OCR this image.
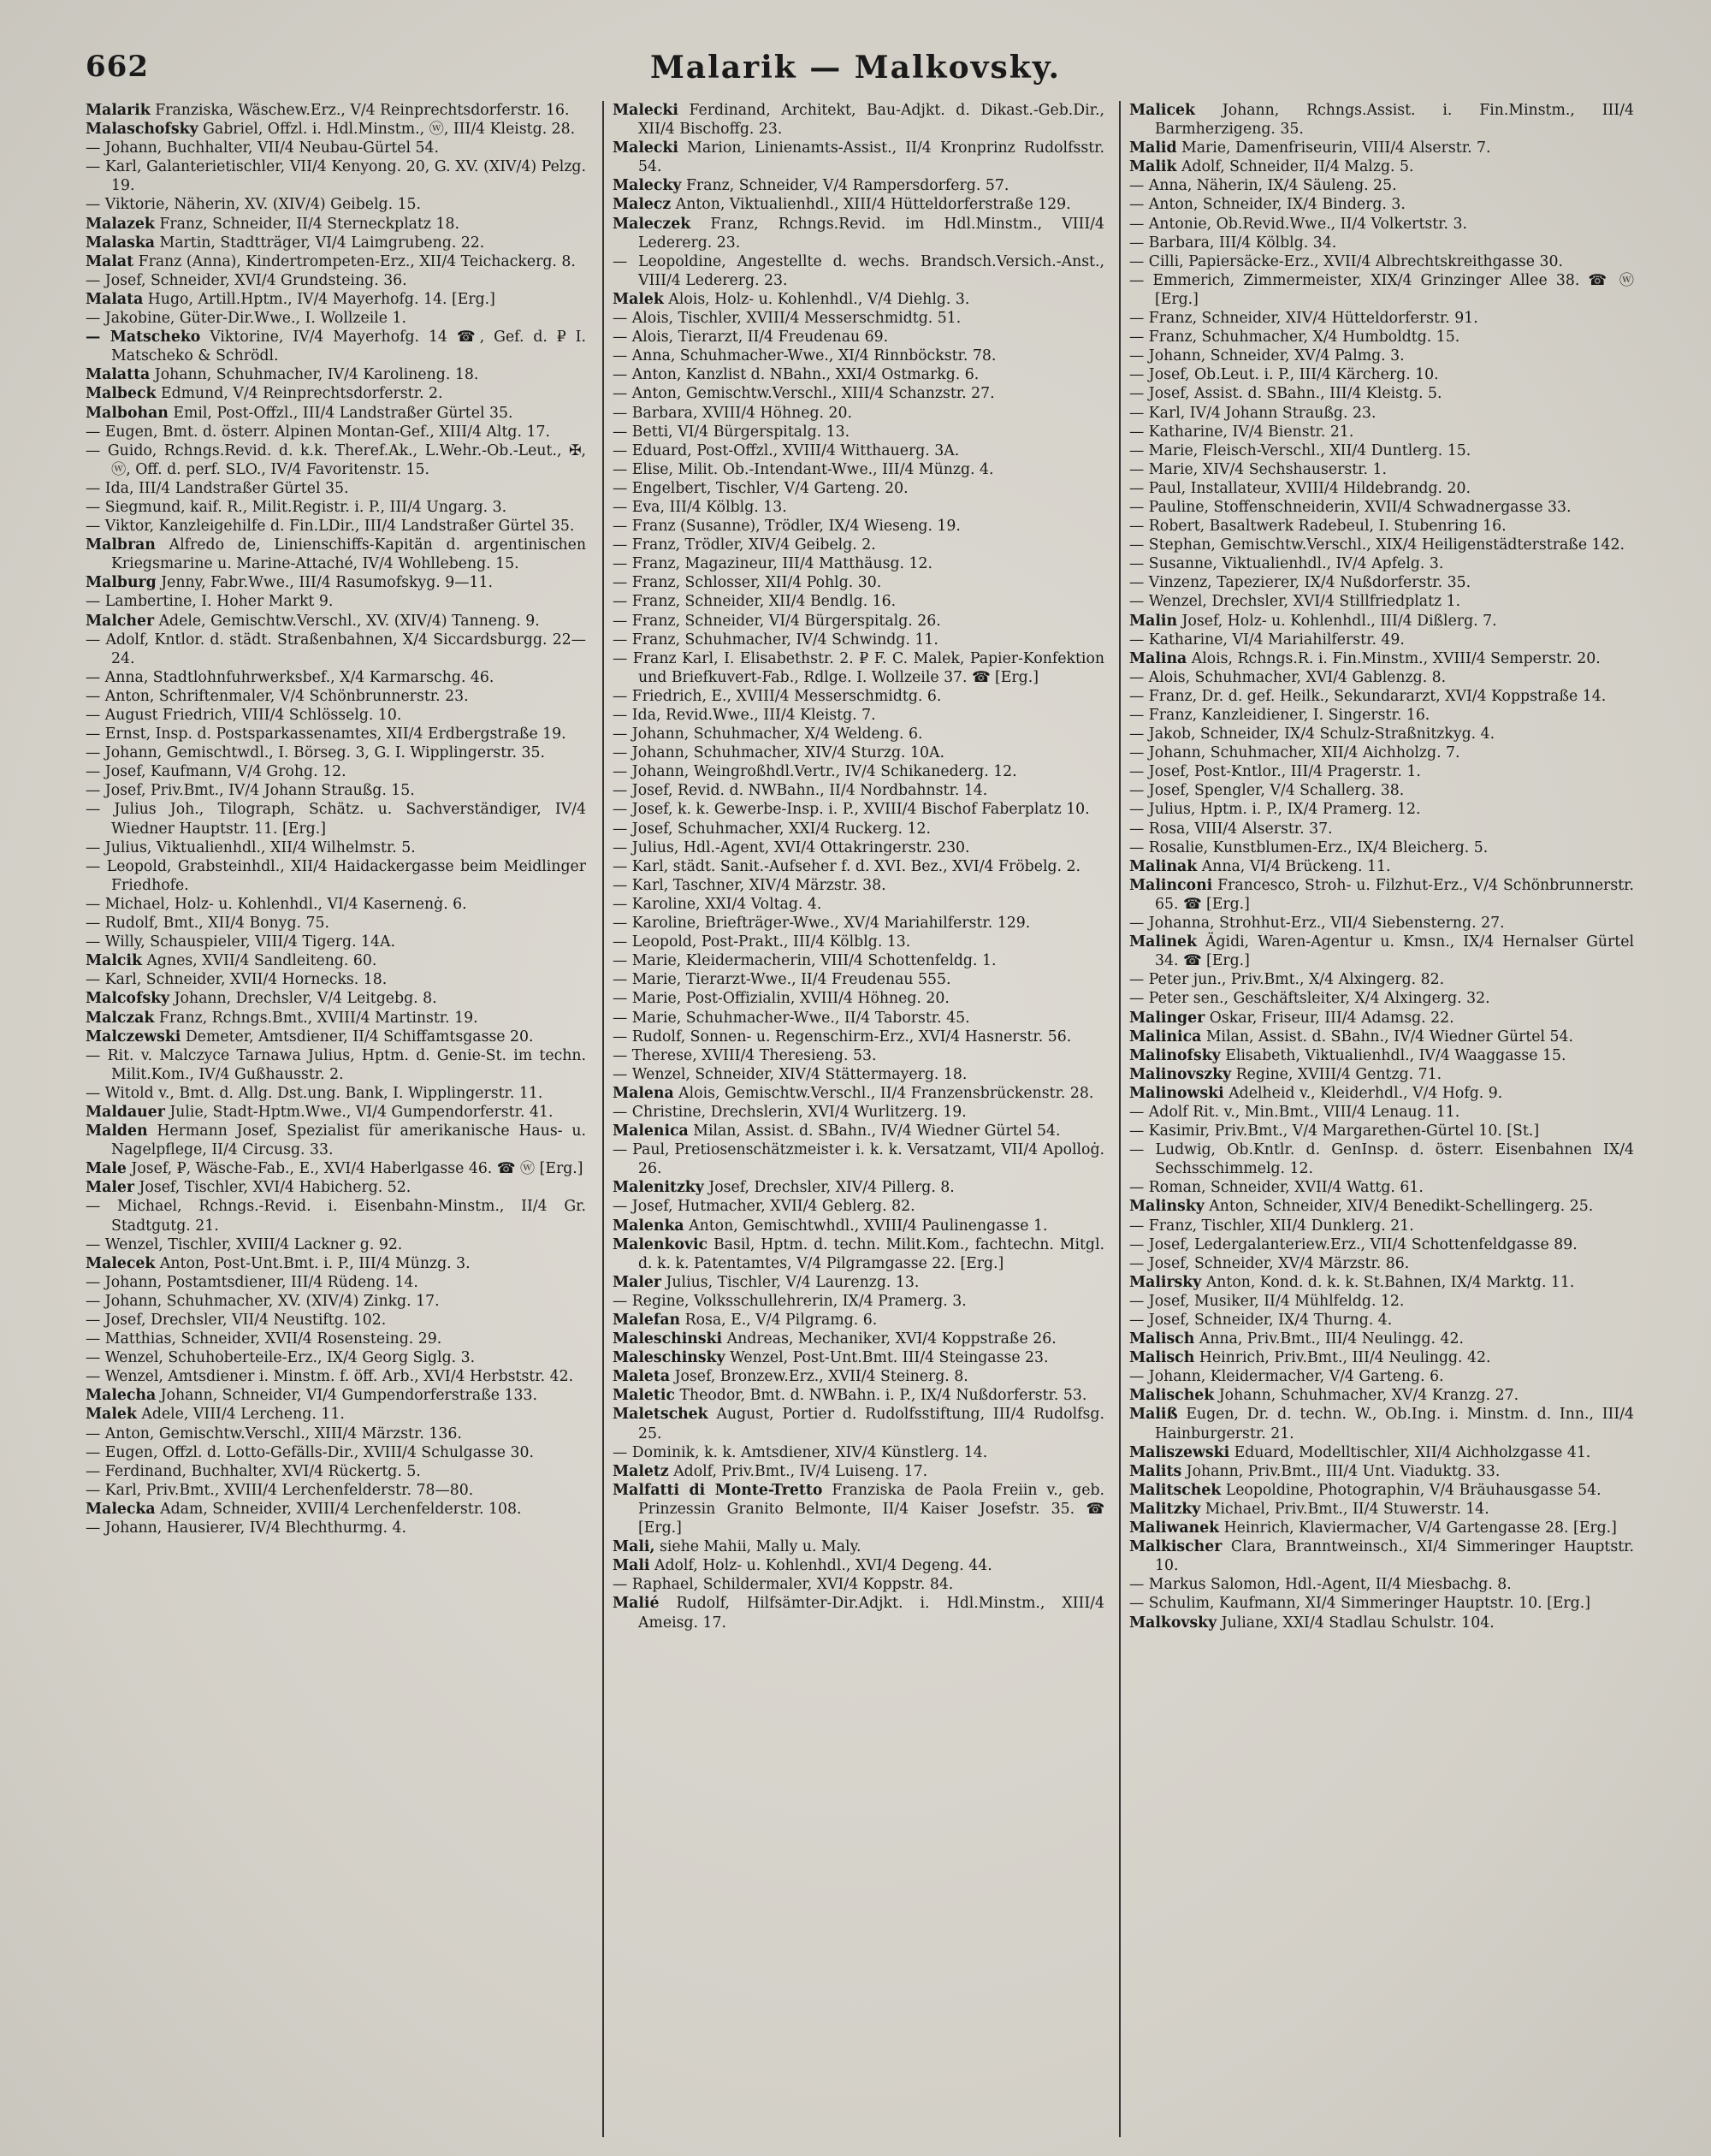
662	Malarik — Malkovsky.
Malarik Franziska, Wäschew.Erz., V/4 Reinprechtsdorferstr. 16.
Malaschofsky Gabriel, Offzl. i. Hdl.Minstm., ⓦ, III/4 Kleistg. 28.
— Johann, Buchhalter, VII/4 Neubau-Gürtel 54.
— Karl, Galanterietischler, VII/4 Kenyong. 20, G. XV. (XIV/4) Pelzg. 19.
— Viktorie, Näherin, XV. (XIV/4) Geibelg. 15.
Malazek Franz, Schneider, II/4 Sterneckplatz 18.
Malaska Martin, Stadtträger, VI/4 Laimgrubeng. 22.
Malat Franz (Anna), Kindertrompeten-Erz., XII/4 Teichackerg. 8.
— Josef, Schneider, XVI/4 Grundsteing. 36.
Malata Hugo, Artill.Hptm., IV/4 Mayerhofg. 14. [Erg.]
— Jakobine, Güter-Dir.Wwe., I. Wollzeile 1.
— Matscheko Viktorine, IV/4 Mayerhofg. 14 ☎, Gef. d. ₽ I. Matscheko & Schrödl.
Malatta Johann, Schuhmacher, IV/4 Karolineng. 18.
Malbeck Edmund, V/4 Reinprechtsdorferstr. 2.
Malbohan Emil, Post-Offzl., III/4 Landstraßer Gürtel 35.
— Eugen, Bmt. d. österr. Alpinen Montan-Gef., XIII/4 Altg. 17.
— Guido, Rchngs.Revid. d. k.k. Theref.Ak., L.Wehr.-Ob.-Leut., ✠, ⓦ, Off. d. perf. SLO., IV/4 Favoritenstr. 15.
— Ida, III/4 Landstraßer Gürtel 35.
— Siegmund, kaif. R., Milit.Registr. i. P., III/4 Ungarg. 3.
— Viktor, Kanzleigehilfe d. Fin.LDir., III/4 Landstraßer Gürtel 35.
Malbran Alfredo de, Linienschiffs-Kapitän d. argentinischen Kriegsmarine u. Marine-Attaché, IV/4 Wohllebeng. 15.
Malburg Jenny, Fabr.Wwe., III/4 Rasumofskyg. 9—11.
— Lambertine, I. Hoher Markt 9.
Malcher Adele, Gemischtw.Verschl., XV. (XIV/4) Tanneng. 9.
— Adolf, Kntlor. d. städt. Straßenbahnen, X/4 Siccardsburgg. 22—24.
— Anna, Stadtlohnfuhrwerksbef., X/4 Karmarschg. 46.
— Anton, Schriftenmaler, V/4 Schönbrunnerstr. 23.
— August Friedrich, VIII/4 Schlösselg. 10.
— Ernst, Insp. d. Postsparkassenamtes, XII/4 Erdbergstraße 19.
— Johann, Gemischtwdl., I. Börseg. 3, G. I. Wipplingerstr. 35.
— Josef, Kaufmann, V/4 Grohg. 12.
— Josef, Priv.Bmt., IV/4 Johann Straußg. 15.
— Julius Joh., Tilograph, Schätz. u. Sachverständiger, IV/4 Wiedner Hauptstr. 11. [Erg.]
— Julius, Viktualienhdl., XII/4 Wilhelmstr. 5.
— Leopold, Grabsteinhdl., XII/4 Haidackergasse beim Meidlinger Friedhofe.
— Michael, Holz- u. Kohlenhdl., VI/4 Kasernenġ. 6.
— Rudolf, Bmt., XII/4 Bonyg. 75.
— Willy, Schauspieler, VIII/4 Tigerg. 14A.
Malcik Agnes, XVII/4 Sandleiteng. 60.
— Karl, Schneider, XVII/4 Hornecks. 18.
Malcofsky Johann, Drechsler, V/4 Leitgebg. 8.
Malczak Franz, Rchngs.Bmt., XVIII/4 Martinstr. 19.
Malczewski Demeter, Amtsdiener, II/4 Schiffamtsgasse 20.
— Rit. v. Malczyce Tarnawa Julius, Hptm. d. Genie-St. im techn. Milit.Kom., IV/4 Gußhausstr. 2.
— Witold v., Bmt. d. Allg. Dst.ung. Bank, I. Wipplingerstr. 11.
Maldauer Julie, Stadt-Hptm.Wwe., VI/4 Gumpendorferstr. 41.
Malden Hermann Josef, Spezialist für amerikanische Haus- u. Nagelpflege, II/4 Circusg. 33.
Male Josef, ₽, Wäsche-Fab., E., XVI/4 Haberlgasse 46. ☎ ⓦ [Erg.]
Maler Josef, Tischler, XVI/4 Habicherg. 52.
— Michael, Rchngs.-Revid. i. Eisenbahn-Minstm., II/4 Gr. Stadtgutg. 21.
— Wenzel, Tischler, XVIII/4 Lackner g. 92.
Malecek Anton, Post-Unt.Bmt. i. P., III/4 Münzg. 3.
— Johann, Postamtsdiener, III/4 Rüdeng. 14.
— Johann, Schuhmacher, XV. (XIV/4) Zinkg. 17.
— Josef, Drechsler, VII/4 Neustiftg. 102.
— Matthias, Schneider, XVII/4 Rosensteing. 29.
— Wenzel, Schuhoberteile-Erz., IX/4 Georg Siglg. 3.
— Wenzel, Amtsdiener i. Minstm. f. öff. Arb., XVI/4 Herbststr. 42.
Malecha Johann, Schneider, VI/4 Gumpendorferstraße 133.
Malek Adele, VIII/4 Lercheng. 11.
— Anton, Gemischtw.Verschl., XIII/4 Märzstr. 136.
— Eugen, Offzl. d. Lotto-Gefälls-Dir., XVIII/4 Schulgasse 30.
— Ferdinand, Buchhalter, XVI/4 Rückertg. 5.
— Karl, Priv.Bmt., XVIII/4 Lerchenfelderstr. 78—80.
Malecka Adam, Schneider, XVIII/4 Lerchenfelderstr. 108.
— Johann, Hausierer, IV/4 Blechthurmg. 4.
Malecki Ferdinand, Architekt, Bau-Adjkt. d. Dikast.-Geb.Dir., XII/4 Bischoffg. 23.
Malecki Marion, Linienamts-Assist., II/4 Kronprinz Rudolfsstr. 54.
Malecky Franz, Schneider, V/4 Rampersdorferg. 57.
Malecz Anton, Viktualienhdl., XIII/4 Hütteldorferstraße 129.
Maleczek Franz, Rchngs.Revid. im Hdl.Minstm., VIII/4 Ledererg. 23.
— Leopoldine, Angestellte d. wechs. Brandsch.Versich.-Anst., VIII/4 Ledererg. 23.
Malek Alois, Holz- u. Kohlenhdl., V/4 Diehlg. 3.
— Alois, Tischler, XVIII/4 Messerschmidtg. 51.
— Alois, Tierarzt, II/4 Freudenau 69.
— Anna, Schuhmacher-Wwe., XI/4 Rinnböckstr. 78.
— Anton, Kanzlist d. NBahn., XXI/4 Ostmarkg. 6.
— Anton, Gemischtw.Verschl., XIII/4 Schanzstr. 27.
— Barbara, XVIII/4 Höhneg. 20.
— Betti, VI/4 Bürgerspitalg. 13.
— Eduard, Post-Offzl., XVIII/4 Witthauerg. 3A.
— Elise, Milit. Ob.-Intendant-Wwe., III/4 Münzg. 4.
— Engelbert, Tischler, V/4 Garteng. 20.
— Eva, III/4 Kölblg. 13.
— Franz (Susanne), Trödler, IX/4 Wieseng. 19.
— Franz, Trödler, XIV/4 Geibelg. 2.
— Franz, Magazineur, III/4 Matthäusg. 12.
— Franz, Schlosser, XII/4 Pohlg. 30.
— Franz, Schneider, XII/4 Bendlg. 16.
— Franz, Schneider, VI/4 Bürgerspitalg. 26.
— Franz, Schuhmacher, IV/4 Schwindg. 11.
— Franz Karl, I. Elisabethstr. 2. ₽ F. C. Malek, Papier-Konfektion und Briefkuvert-Fab., Rdlge. I. Wollzeile 37. ☎ [Erg.]
— Friedrich, E., XVIII/4 Messerschmidtg. 6.
— Ida, Revid.Wwe., III/4 Kleistg. 7.
— Johann, Schuhmacher, X/4 Weldeng. 6.
— Johann, Schuhmacher, XIV/4 Sturzg. 10A.
— Johann, Weingroßhdl.Vertr., IV/4 Schikanederg. 12.
— Josef, Revid. d. NWBahn., II/4 Nordbahnstr. 14.
— Josef, k. k. Gewerbe-Insp. i. P., XVIII/4 Bischof Faberplatz 10.
— Josef, Schuhmacher, XXI/4 Ruckerg. 12.
— Julius, Hdl.-Agent, XVI/4 Ottakringerstr. 230.
— Karl, städt. Sanit.-Aufseher f. d. XVI. Bez., XVI/4 Fröbelg. 2.
— Karl, Taschner, XIV/4 Märzstr. 38.
— Karoline, XXI/4 Voltag. 4.
— Karoline, Briefträger-Wwe., XV/4 Mariahilferstr. 129.
— Leopold, Post-Prakt., III/4 Kölblg. 13.
— Marie, Kleidermacherin, VIII/4 Schottenfeldg. 1.
— Marie, Tierarzt-Wwe., II/4 Freudenau 555.
— Marie, Post-Offizialin, XVIII/4 Höhneg. 20.
— Marie, Schuhmacher-Wwe., II/4 Taborstr. 45.
— Rudolf, Sonnen- u. Regenschirm-Erz., XVI/4 Hasnerstr. 56.
— Therese, XVIII/4 Theresieng. 53.
— Wenzel, Schneider, XIV/4 Stättermayerg. 18.
Malena Alois, Gemischtw.Verschl., II/4 Franzensbrückenstr. 28.
— Christine, Drechslerin, XVI/4 Wurlitzerg. 19.
Malenica Milan, Assist. d. SBahn., IV/4 Wiedner Gürtel 54.
— Paul, Pretiosenschätzmeister i. k. k. Versatzamt, VII/4 Apolloġ. 26.
Malenitzky Josef, Drechsler, XIV/4 Pillerg. 8.
— Josef, Hutmacher, XVII/4 Geblerg. 82.
Malenka Anton, Gemischtwhdl., XVIII/4 Paulinengasse 1.
Malenkovic Basil, Hptm. d. techn. Milit.Kom., fachtechn. Mitgl. d. k. k. Patentamtes, V/4 Pilgramgasse 22. [Erg.]
Maler Julius, Tischler, V/4 Laurenzg. 13.
— Regine, Volksschullehrerin, IX/4 Pramerg. 3.
Malefan Rosa, E., V/4 Pilgramg. 6.
Maleschinski Andreas, Mechaniker, XVI/4 Koppstraße 26.
Maleschinsky Wenzel, Post-Unt.Bmt. III/4 Steingasse 23.
Maleta Josef, Bronzew.Erz., XVII/4 Steinerg. 8.
Maletic Theodor, Bmt. d. NWBahn. i. P., IX/4 Nußdorferstr. 53.
Maletschek August, Portier d. Rudolfsstiftung, III/4 Rudolfsg. 25.
— Dominik, k. k. Amtsdiener, XIV/4 Künstlerg. 14.
Maletz Adolf, Priv.Bmt., IV/4 Luiseng. 17.
Malfatti di Monte-Tretto Franziska de Paola Freiin v., geb. Prinzessin Granito Belmonte, II/4 Kaiser Josefstr. 35. ☎ [Erg.]
Mali, siehe Mahii, Mally u. Maly.
Mali Adolf, Holz- u. Kohlenhdl., XVI/4 Degeng. 44.
— Raphael, Schildermaler, XVI/4 Koppstr. 84.
Malié Rudolf, Hilfsämter-Dir.Adjkt. i. Hdl.Minstm., XIII/4 Ameisg. 17.
Malicek Johann, Rchngs.Assist. i. Fin.Minstm., III/4 Barmherzigeng. 35.
Malid Marie, Damenfriseurin, VIII/4 Alserstr. 7.
Malik Adolf, Schneider, II/4 Malzg. 5.
— Anna, Näherin, IX/4 Säuleng. 25.
— Anton, Schneider, IX/4 Binderg. 3.
— Antonie, Ob.Revid.Wwe., II/4 Volkertstr. 3.
— Barbara, III/4 Kölblg. 34.
— Cilli, Papiersäcke-Erz., XVII/4 Albrechtskreithgasse 30.
— Emmerich, Zimmermeister, XIX/4 Grinzinger Allee 38. ☎ ⓦ [Erg.]
— Franz, Schneider, XIV/4 Hütteldorferstr. 91.
— Franz, Schuhmacher, X/4 Humboldtg. 15.
— Johann, Schneider, XV/4 Palmg. 3.
— Josef, Ob.Leut. i. P., III/4 Kärcherg. 10.
— Josef, Assist. d. SBahn., III/4 Kleistg. 5.
— Karl, IV/4 Johann Straußg. 23.
— Katharine, IV/4 Bienstr. 21.
— Marie, Fleisch-Verschl., XII/4 Duntlerg. 15.
— Marie, XIV/4 Sechshauserstr. 1.
— Paul, Installateur, XVIII/4 Hildebrandg. 20.
— Pauline, Stoffenschneiderin, XVII/4 Schwadnergasse 33.
— Robert, Basaltwerk Radebeul, I. Stubenring 16.
— Stephan, Gemischtw.Verschl., XIX/4 Heiligenstädterstraße 142.
— Susanne, Viktualienhdl., IV/4 Apfelg. 3.
— Vinzenz, Tapezierer, IX/4 Nußdorferstr. 35.
— Wenzel, Drechsler, XVI/4 Stillfriedplatz 1.
Malin Josef, Holz- u. Kohlenhdl., III/4 Dißlerg. 7.
— Katharine, VI/4 Mariahilferstr. 49.
Malina Alois, Rchngs.R. i. Fin.Minstm., XVIII/4 Semperstr. 20.
— Alois, Schuhmacher, XVI/4 Gablenzg. 8.
— Franz, Dr. d. gef. Heilk., Sekundararzt, XVI/4 Koppstraße 14.
— Franz, Kanzleidiener, I. Singerstr. 16.
— Jakob, Schneider, IX/4 Schulz-Straßnitzkyg. 4.
— Johann, Schuhmacher, XII/4 Aichholzg. 7.
— Josef, Post-Kntlor., III/4 Pragerstr. 1.
— Josef, Spengler, V/4 Schallerg. 38.
— Julius, Hptm. i. P., IX/4 Pramerg. 12.
— Rosa, VIII/4 Alserstr. 37.
— Rosalie, Kunstblumen-Erz., IX/4 Bleicherg. 5.
Malinak Anna, VI/4 Brückeng. 11.
Malinconi Francesco, Stroh- u. Filzhut-Erz., V/4 Schönbrunnerstr. 65. ☎ [Erg.]
— Johanna, Strohhut-Erz., VII/4 Siebensterng. 27.
Malinek Ägidi, Waren-Agentur u. Kmsn., IX/4 Hernalser Gürtel 34. ☎ [Erg.]
— Peter jun., Priv.Bmt., X/4 Alxingerg. 82.
— Peter sen., Geschäftsleiter, X/4 Alxingerg. 32.
Malinger Oskar, Friseur, III/4 Adamsg. 22.
Malinica Milan, Assist. d. SBahn., IV/4 Wiedner Gürtel 54.
Malinofsky Elisabeth, Viktualienhdl., IV/4 Waaggasse 15.
Malinovszky Regine, XVIII/4 Gentzg. 71.
Malinowski Adelheid v., Kleiderhdl., V/4 Hofg. 9.
— Adolf Rit. v., Min.Bmt., VIII/4 Lenaug. 11.
— Kasimir, Priv.Bmt., V/4 Margarethen-Gürtel 10. [St.]
— Ludwig, Ob.Kntlr. d. GenInsp. d. österr. Eisenbahnen IX/4 Sechsschimmelg. 12.
— Roman, Schneider, XVII/4 Wattg. 61.
Malinsky Anton, Schneider, XIV/4 Benedikt-Schellingerg. 25.
— Franz, Tischler, XII/4 Dunklerg. 21.
— Josef, Ledergalanteriew.Erz., VII/4 Schottenfeldgasse 89.
— Josef, Schneider, XV/4 Märzstr. 86.
Malirsky Anton, Kond. d. k. k. St.Bahnen, IX/4 Marktg. 11.
— Josef, Musiker, II/4 Mühlfeldg. 12.
— Josef, Schneider, IX/4 Thurng. 4.
Malisch Anna, Priv.Bmt., III/4 Neulingg. 42.
Malisch Heinrich, Priv.Bmt., III/4 Neulingg. 42.
— Johann, Kleidermacher, V/4 Garteng. 6.
Malischek Johann, Schuhmacher, XV/4 Kranzg. 27.
Maliß Eugen, Dr. d. techn. W., Ob.Ing. i. Minstm. d. Inn., III/4 Hainburgerstr. 21.
Maliszewski Eduard, Modelltischler, XII/4 Aichholzgasse 41.
Malits Johann, Priv.Bmt., III/4 Unt. Viaduktg. 33.
Malitschek Leopoldine, Photographin, V/4 Bräuhausgasse 54.
Malitzky Michael, Priv.Bmt., II/4 Stuwerstr. 14.
Maliwanek Heinrich, Klaviermacher, V/4 Gartengasse 28. [Erg.]
Malkischer Clara, Branntweinsch., XI/4 Simmeringer Hauptstr. 10.
— Markus Salomon, Hdl.-Agent, II/4 Miesbachg. 8.
— Schulim, Kaufmann, XI/4 Simmeringer Hauptstr. 10. [Erg.]
Malkovsky Juliane, XXI/4 Stadlau Schulstr. 104.
